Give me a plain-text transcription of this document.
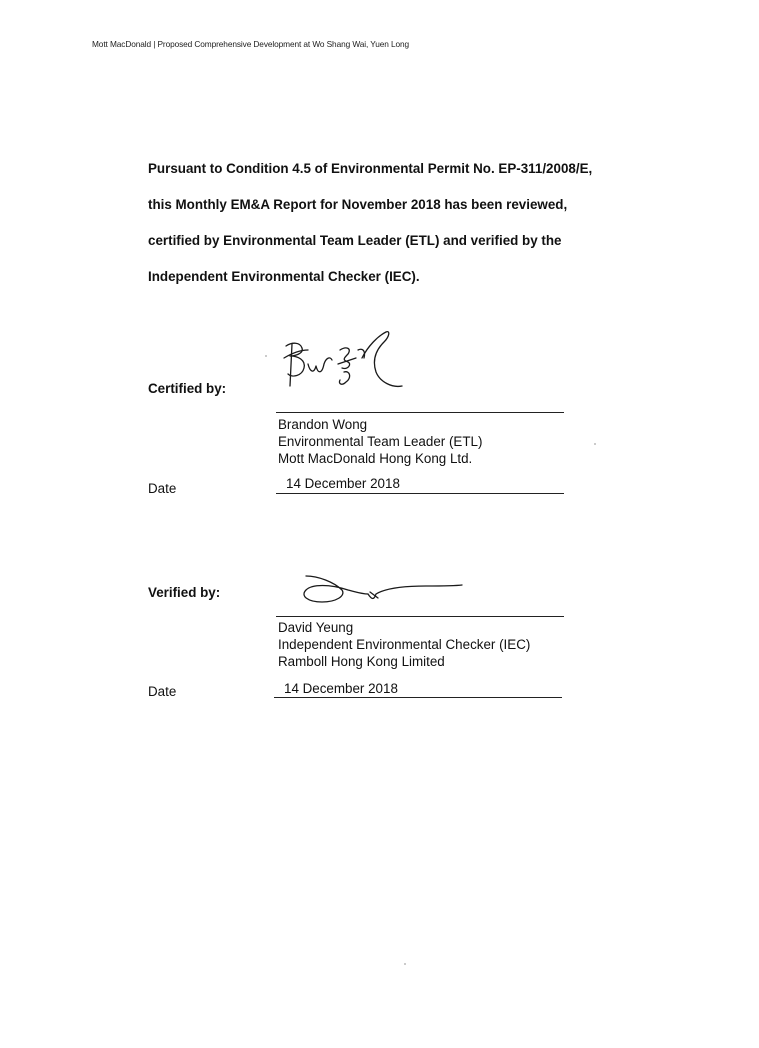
Mott MacDonald | Proposed Comprehensive Development at Wo Shang Wai, Yuen Long
Pursuant to Condition 4.5 of Environmental Permit No. EP-311/2008/E,
this Monthly EM&A Report for November 2018 has been reviewed,
certified by Environmental Team Leader (ETL) and verified by the
Independent Environmental Checker (IEC).
Certified by:
Brandon Wong
Environmental Team Leader (ETL)
Mott MacDonald Hong Kong Ltd.
Date	14 December 2018
Verified by:
David Yeung
Independent Environmental Checker (IEC)
Ramboll Hong Kong Limited
Date	14 December 2018
